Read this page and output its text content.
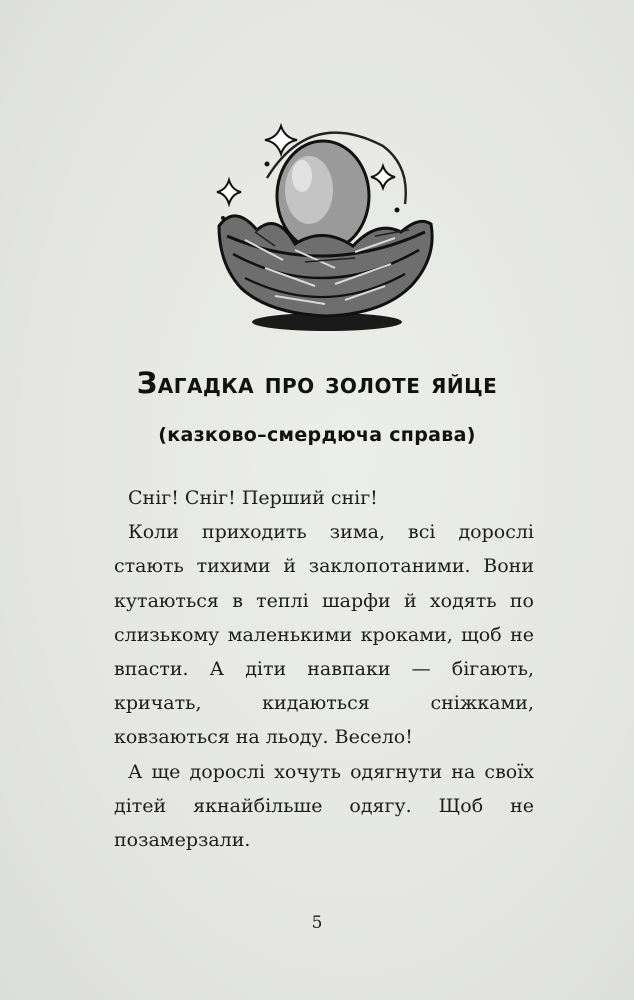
Загадка про золоте яйце
(казково–смердюча справа)

Сніг! Сніг! Перший сніг!

Коли приходить зима, всі дорослі стають тихими й заклопотаними. Вони кутаються в теплі шарфи й ходять по слизькому маленькими кроками, щоб не впасти. А діти навпаки — бігають, кричать, кидаються сніжками, ковзаються на льоду. Весело!

А ще дорослі хочуть одягнути на своїх дітей якнайбільше одягу. Щоб не позамерзали.

5
